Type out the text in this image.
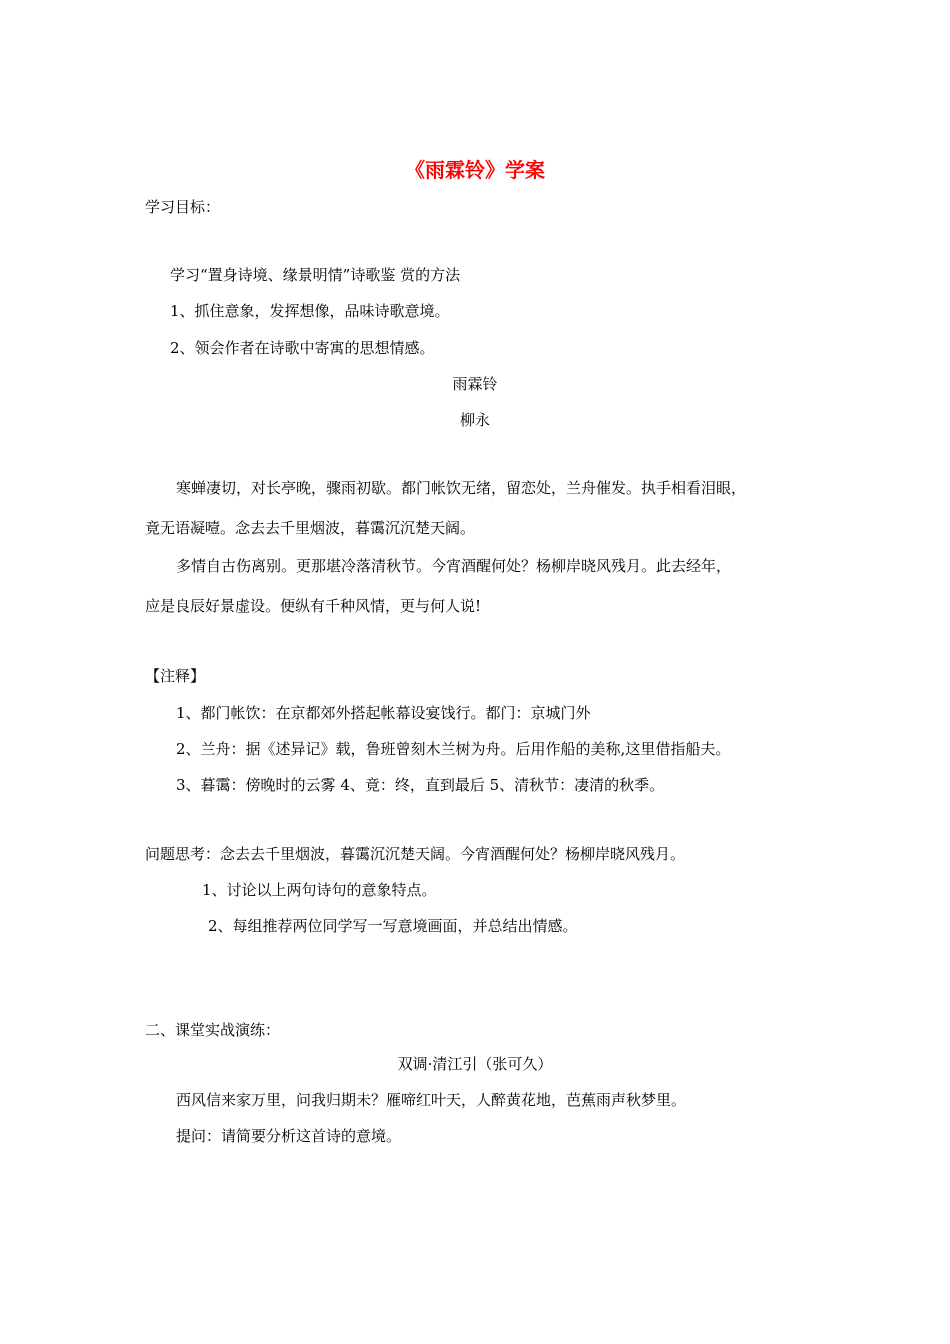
《雨霖铃》学案

学习目标：

学习“置身诗境、缘景明情”诗歌鉴 赏的方法

1、抓住意象，发挥想像，品味诗歌意境。

2、领会作者在诗歌中寄寓的思想情感。

雨霖铃

柳永

寒蝉凄切，对长亭晚，骤雨初歇。都门帐饮无绪，留恋处，兰舟催发。执手相看泪眼，

竟无语凝噎。念去去千里烟波，暮霭沉沉楚天阔。

多情自古伤离别。更那堪冷落清秋节。今宵酒醒何处？杨柳岸晓风残月。此去经年，

应是良辰好景虚设。便纵有千种风情，更与何人说!

【注释】

1、都门帐饮：在京都郊外搭起帐幕设宴饯行。都门：京城门外

2、兰舟：据《述异记》载，鲁班曾刻木兰树为舟。后用作船的美称,这里借指船夫。

3、暮霭：傍晚时的云雾 4、竟：终，直到最后 5、清秋节：凄清的秋季。

问题思考：念去去千里烟波，暮霭沉沉楚天阔。今宵酒醒何处？杨柳岸晓风残月。

1、讨论以上两句诗句的意象特点。

2、每组推荐两位同学写一写意境画面，并总结出情感。

二、课堂实战演练：

双调·清江引（张可久）

西风信来家万里，问我归期未？雁啼红叶天，人醉黄花地，芭蕉雨声秋梦里。

提问：请简要分析这首诗的意境。
